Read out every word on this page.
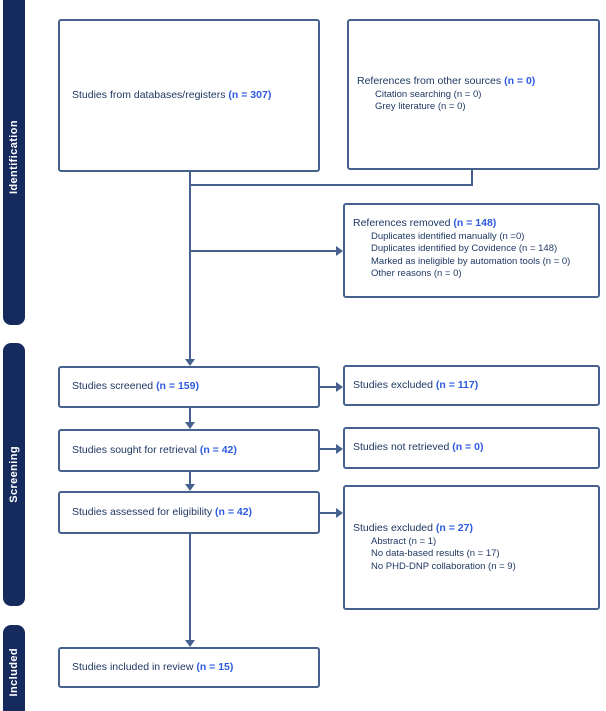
Identification
Screening
Included
Studies from databases/registers (n = 307)
References from other sources (n = 0)
Citation searching (n = 0)
Grey literature (n = 0)
References removed (n = 148)
Duplicates identified manually (n =0)
Duplicates identified by Covidence (n = 148)
Marked as ineligible by automation tools (n = 0)
Other reasons (n = 0)
Studies screened (n = 159)	Studies excluded (n = 117)
Studies sought for retrieval (n = 42)	Studies not retrieved (n = 0)
Studies assessed for eligibility (n = 42)
Studies excluded (n = 27)
Abstract (n = 1)
No data-based results (n = 17)
No PHD-DNP collaboration (n = 9)
Studies included in review (n = 15)
